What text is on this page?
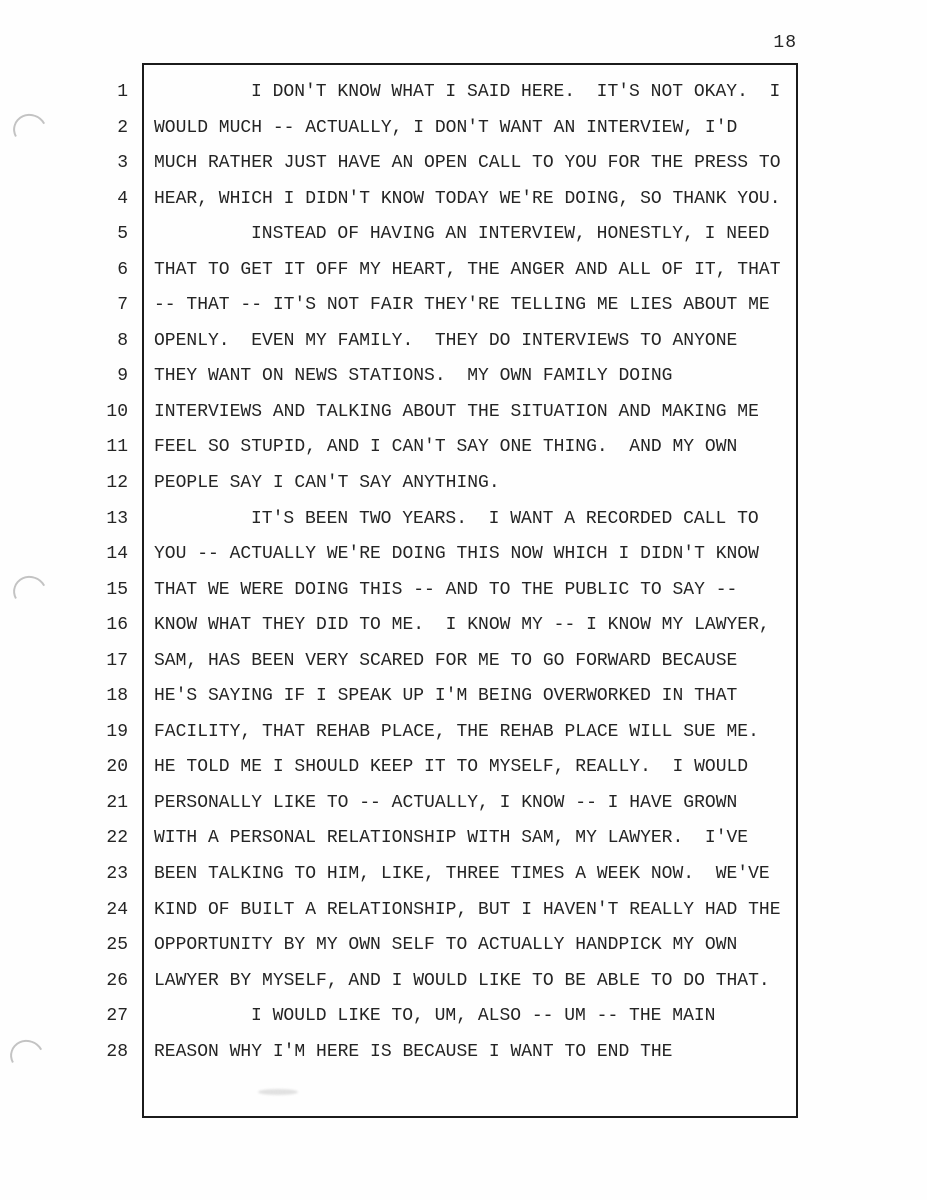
18
1
2
3
4
5
6
7
8
9
10
11
12
13
14
15
16
17
18
19
20
21
22
23
24
25
26
27
28
I DON'T KNOW WHAT I SAID HERE.  IT'S NOT OKAY.  I
WOULD MUCH -- ACTUALLY, I DON'T WANT AN INTERVIEW, I'D
MUCH RATHER JUST HAVE AN OPEN CALL TO YOU FOR THE PRESS TO
HEAR, WHICH I DIDN'T KNOW TODAY WE'RE DOING, SO THANK YOU.
INSTEAD OF HAVING AN INTERVIEW, HONESTLY, I NEED
THAT TO GET IT OFF MY HEART, THE ANGER AND ALL OF IT, THAT
-- THAT -- IT'S NOT FAIR THEY'RE TELLING ME LIES ABOUT ME
OPENLY.  EVEN MY FAMILY.  THEY DO INTERVIEWS TO ANYONE
THEY WANT ON NEWS STATIONS.  MY OWN FAMILY DOING
INTERVIEWS AND TALKING ABOUT THE SITUATION AND MAKING ME
FEEL SO STUPID, AND I CAN'T SAY ONE THING.  AND MY OWN
PEOPLE SAY I CAN'T SAY ANYTHING.
IT'S BEEN TWO YEARS.  I WANT A RECORDED CALL TO
YOU -- ACTUALLY WE'RE DOING THIS NOW WHICH I DIDN'T KNOW
THAT WE WERE DOING THIS -- AND TO THE PUBLIC TO SAY --
KNOW WHAT THEY DID TO ME.  I KNOW MY -- I KNOW MY LAWYER,
SAM, HAS BEEN VERY SCARED FOR ME TO GO FORWARD BECAUSE
HE'S SAYING IF I SPEAK UP I'M BEING OVERWORKED IN THAT
FACILITY, THAT REHAB PLACE, THE REHAB PLACE WILL SUE ME.
HE TOLD ME I SHOULD KEEP IT TO MYSELF, REALLY.  I WOULD
PERSONALLY LIKE TO -- ACTUALLY, I KNOW -- I HAVE GROWN
WITH A PERSONAL RELATIONSHIP WITH SAM, MY LAWYER.  I'VE
BEEN TALKING TO HIM, LIKE, THREE TIMES A WEEK NOW.  WE'VE
KIND OF BUILT A RELATIONSHIP, BUT I HAVEN'T REALLY HAD THE
OPPORTUNITY BY MY OWN SELF TO ACTUALLY HANDPICK MY OWN
LAWYER BY MYSELF, AND I WOULD LIKE TO BE ABLE TO DO THAT.
I WOULD LIKE TO, UM, ALSO -- UM -- THE MAIN
REASON WHY I'M HERE IS BECAUSE I WANT TO END THE
